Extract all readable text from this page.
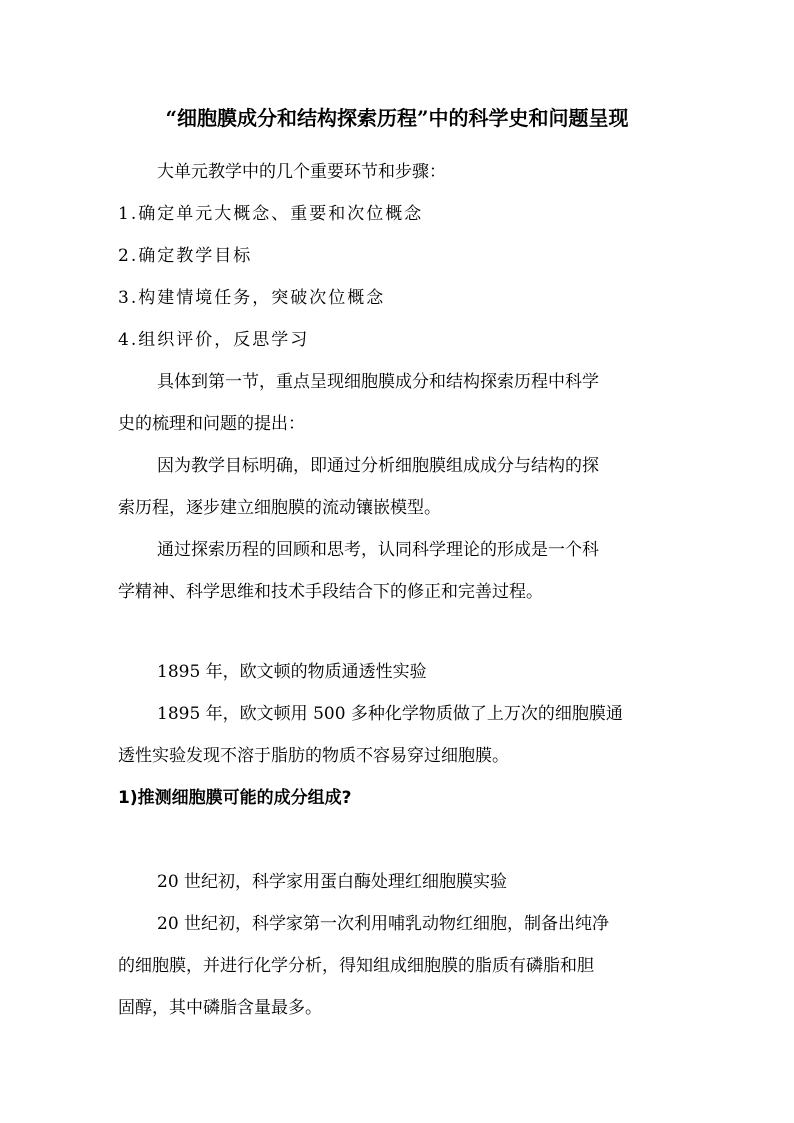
“细胞膜成分和结构探索历程”中的科学史和问题呈现
大单元教学中的几个重要环节和步骤：
1.确定单元大概念、重要和次位概念
2.确定教学目标
3.构建情境任务，突破次位概念
4.组织评价，反思学习
具体到第一节，重点呈现细胞膜成分和结构探索历程中科学
史的梳理和问题的提出：
因为教学目标明确，即通过分析细胞膜组成成分与结构的探
索历程，逐步建立细胞膜的流动镶嵌模型。
通过探索历程的回顾和思考，认同科学理论的形成是一个科
学精神、科学思维和技术手段结合下的修正和完善过程。
1895 年，欧文顿的物质通透性实验
1895 年，欧文顿用 500 多种化学物质做了上万次的细胞膜通
透性实验发现不溶于脂肪的物质不容易穿过细胞膜。
1)推测细胞膜可能的成分组成?
20 世纪初，科学家用蛋白酶处理红细胞膜实验
20 世纪初，科学家第一次利用哺乳动物红细胞，制备出纯净
的细胞膜，并进行化学分析，得知组成细胞膜的脂质有磷脂和胆
固醇，其中磷脂含量最多。
